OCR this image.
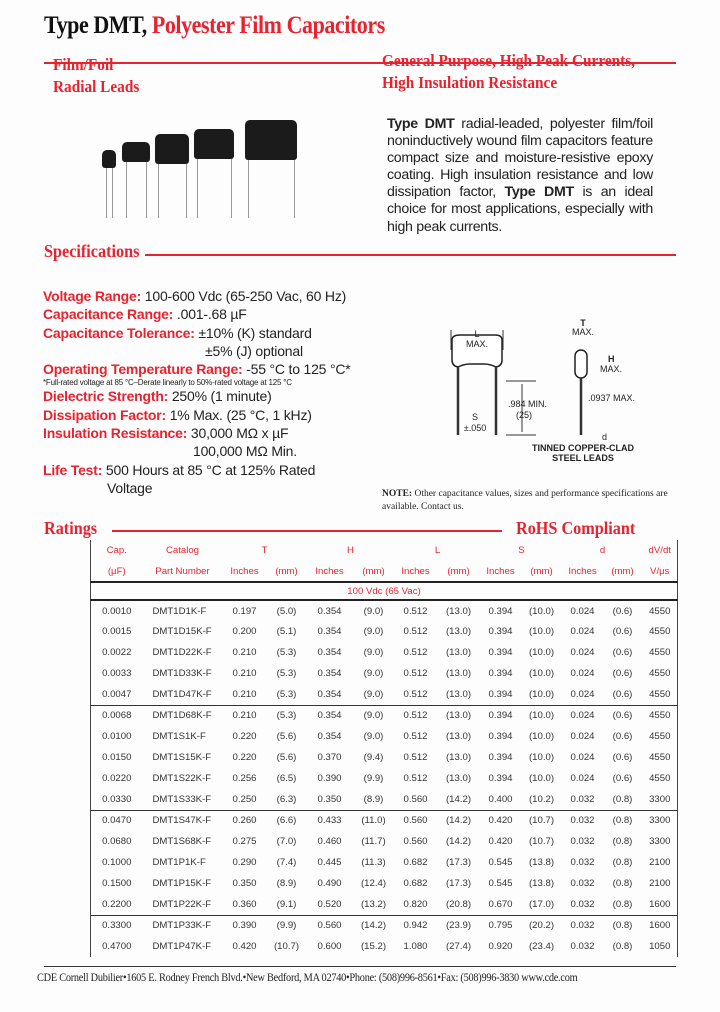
Type DMT, Polyester Film Capacitors
Film/Foil
Radial Leads
General Purpose, High Peak Currents,
High Insulation Resistance
Type DMT radial-leaded, polyester film/foil noninductively wound film capacitors feature compact size and moisture-resistive epoxy coating. High insulation resistance and low dissipation factor, Type DMT is an ideal choice for most applications, especially with high peak currents.
Specifications
Voltage Range: 100-600 Vdc (65-250 Vac, 60 Hz)
Capacitance Range: .001-.68 µF
Capacitance Tolerance: ±10% (K) standard
±5% (J) optional
Operating Temperature Range: -55 °C to 125 °C*
*Full-rated voltage at 85 °C–Derate linearly to 50%-rated voltage at 125 °C
Dielectric Strength: 250% (1 minute)
Dissipation Factor: 1% Max. (25 °C, 1 kHz)
Insulation Resistance: 30,000 MΩ x µF
100,000 MΩ Min.
Life Test: 500 Hours at 85 °C at 125% Rated
Voltage
L
MAX.
S
±.050
.984 MIN.
(25)
T
MAX.
H
MAX.
.0937 MAX.
d
TINNED COPPER-CLAD
STEEL LEADS
NOTE: Other capacitance values, sizes and performance specifications are available. Contact us.
Ratings	RoHS Compliant
Cap.	Catalog	T		H		L		S		d		dV/dt
(µF)	Part Number	Inches	(mm)	Inches	(mm)	Inches	(mm)	Inches	(mm)	Inches	(mm)	V/µs
100 Vdc (65 Vac)												
0.0010	DMT1D1K-F	0.197	(5.0)	0.354	(9.0)	0.512	(13.0)	0.394	(10.0)	0.024	(0.6)	4550
0.0015	DMT1D15K-F	0.200	(5.1)	0.354	(9.0)	0.512	(13.0)	0.394	(10.0)	0.024	(0.6)	4550
0.0022	DMT1D22K-F	0.210	(5.3)	0.354	(9.0)	0.512	(13.0)	0.394	(10.0)	0.024	(0.6)	4550
0.0033	DMT1D33K-F	0.210	(5.3)	0.354	(9.0)	0.512	(13.0)	0.394	(10.0)	0.024	(0.6)	4550
0.0047	DMT1D47K-F	0.210	(5.3)	0.354	(9.0)	0.512	(13.0)	0.394	(10.0)	0.024	(0.6)	4550
0.0068	DMT1D68K-F	0.210	(5.3)	0.354	(9.0)	0.512	(13.0)	0.394	(10.0)	0.024	(0.6)	4550
0.0100	DMT1S1K-F	0.220	(5.6)	0.354	(9.0)	0.512	(13.0)	0.394	(10.0)	0.024	(0.6)	4550
0.0150	DMT1S15K-F	0.220	(5.6)	0.370	(9.4)	0.512	(13.0)	0.394	(10.0)	0.024	(0.6)	4550
0.0220	DMT1S22K-F	0.256	(6.5)	0.390	(9.9)	0.512	(13.0)	0.394	(10.0)	0.024	(0.6)	4550
0.0330	DMT1S33K-F	0.250	(6.3)	0.350	(8.9)	0.560	(14.2)	0.400	(10.2)	0.032	(0.8)	3300
0.0470	DMT1S47K-F	0.260	(6.6)	0.433	(11.0)	0.560	(14.2)	0.420	(10.7)	0.032	(0.8)	3300
0.0680	DMT1S68K-F	0.275	(7.0)	0.460	(11.7)	0.560	(14.2)	0.420	(10.7)	0.032	(0.8)	3300
0.1000	DMT1P1K-F	0.290	(7.4)	0.445	(11.3)	0.682	(17.3)	0.545	(13.8)	0.032	(0.8)	2100
0.1500	DMT1P15K-F	0.350	(8.9)	0.490	(12.4)	0.682	(17.3)	0.545	(13.8)	0.032	(0.8)	2100
0.2200	DMT1P22K-F	0.360	(9.1)	0.520	(13.2)	0.820	(20.8)	0.670	(17.0)	0.032	(0.8)	1600
0.3300	DMT1P33K-F	0.390	(9.9)	0.560	(14.2)	0.942	(23.9)	0.795	(20.2)	0.032	(0.8)	1600
0.4700	DMT1P47K-F	0.420	(10.7)	0.600	(15.2)	1.080	(27.4)	0.920	(23.4)	0.032	(0.8)	1050
CDE Cornell Dubilier•1605 E. Rodney French Blvd.•New Bedford, MA 02740•Phone: (508)996-8561•Fax: (508)996-3830 www.cde.com
